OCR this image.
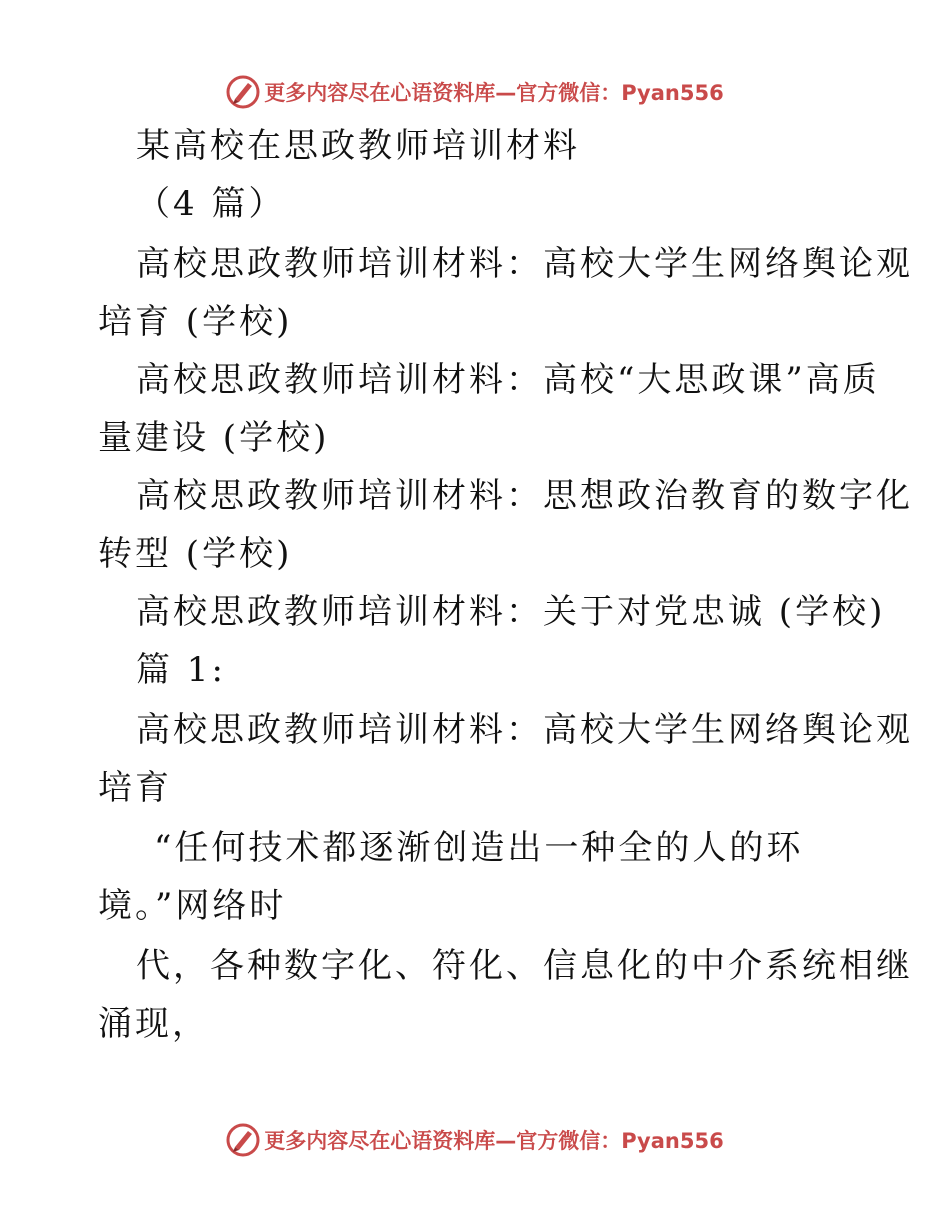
更多内容尽在心语资料库—官方微信：Pyan556
某高校在思政教师培训材料
（4 篇）
高校思政教师培训材料：高校大学生网络舆论观
培育 (学校)
高校思政教师培训材料：高校“大思政课”高质
量建设 (学校)
高校思政教师培训材料：思想政治教育的数字化
转型 (学校)
高校思政教师培训材料：关于对党忠诚 (学校)
篇 1:
高校思政教师培训材料：高校大学生网络舆论观
培育
“任何技术都逐渐创造出一种全的人的环
境。”网络时
代，各种数字化、符化、信息化的中介系统相继
涌现，
更多内容尽在心语资料库—官方微信：Pyan556
